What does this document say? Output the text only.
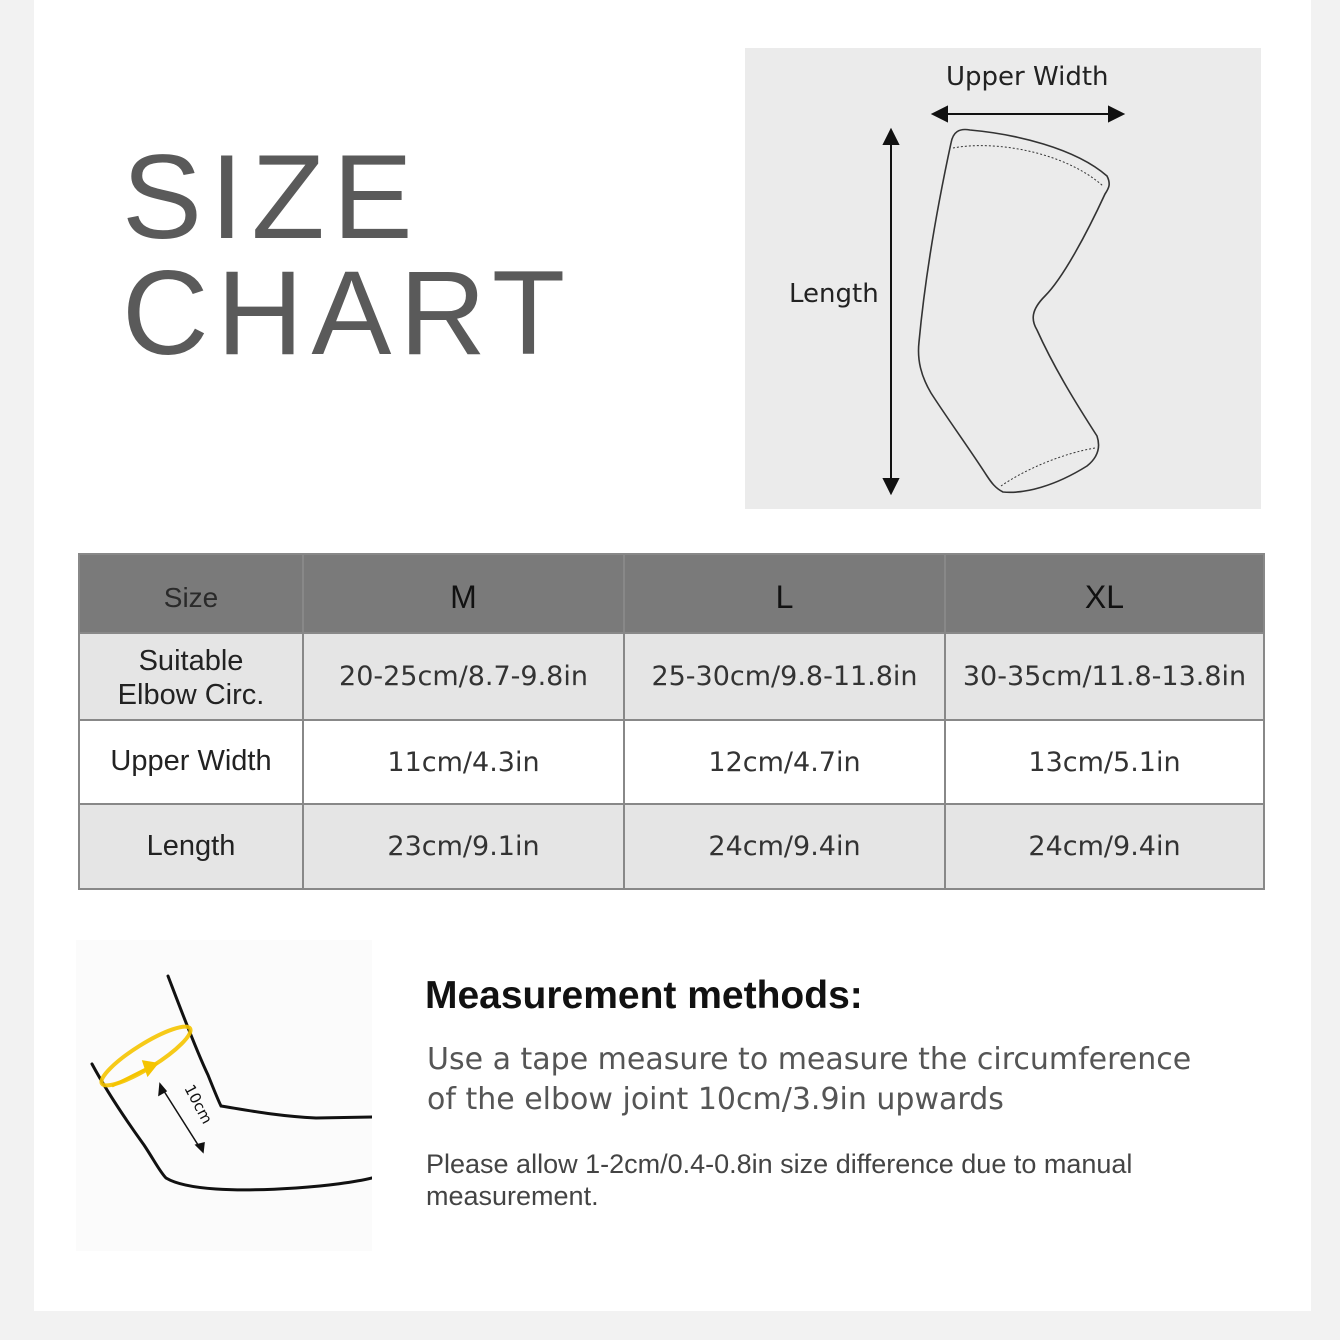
SIZE
CHART
Upper Width
Length
Size	M	L	XL
Suitable Elbow Circ.	20-25cm/8.7-9.8in	25-30cm/9.8-11.8in	30-35cm/11.8-13.8in
Upper Width	11cm/4.3in	12cm/4.7in	13cm/5.1in
Length	23cm/9.1in	24cm/9.4in	24cm/9.4in
10cm
Measurement methods:
Use a tape measure to measure the circumference of the elbow joint 10cm/3.9in upwards
Please allow 1-2cm/0.4-0.8in size difference due to manual measurement.
